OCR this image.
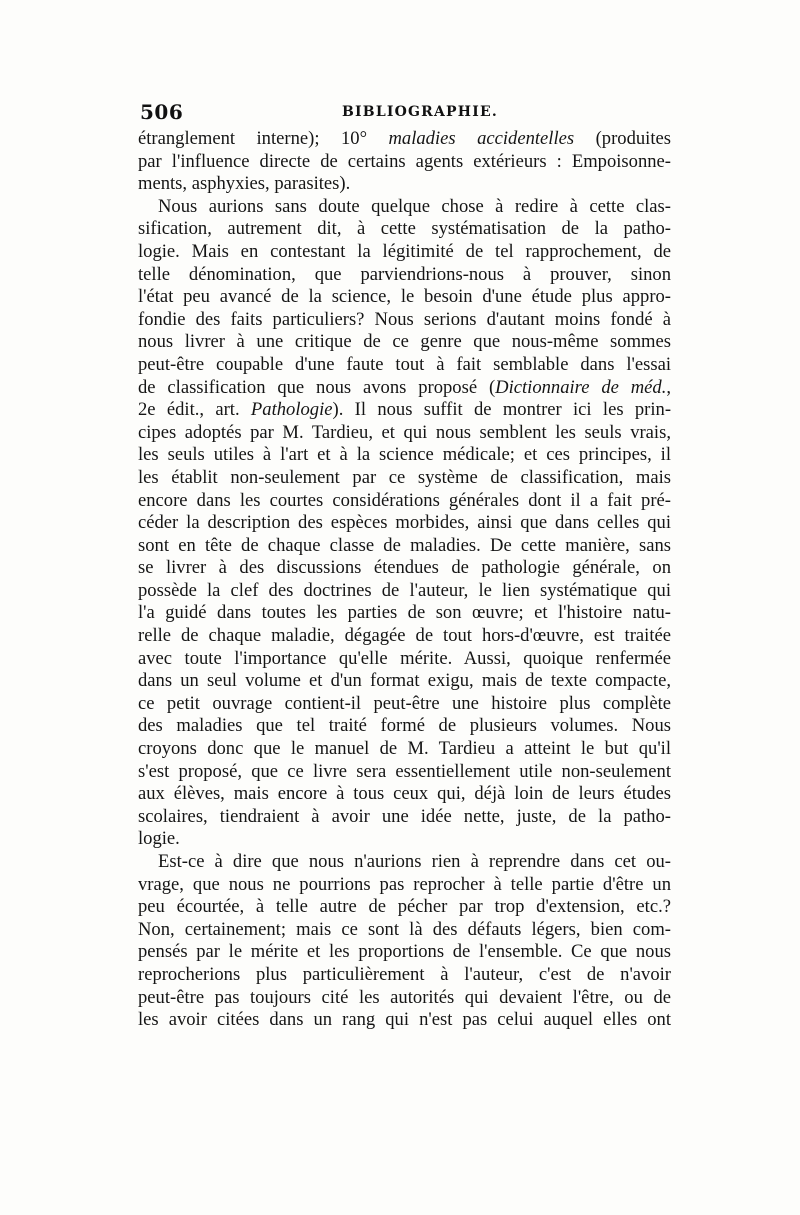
506	BIBLIOGRAPHIE.
étranglement interne); 10° maladies accidentelles (produites
par l'influence directe de certains agents extérieurs : Empoisonne-
ments, asphyxies, parasites).
Nous aurions sans doute quelque chose à redire à cette clas-
sification, autrement dit, à cette systématisation de la patho-
logie. Mais en contestant la légitimité de tel rapprochement, de
telle dénomination, que parviendrions-nous à prouver, sinon
l'état peu avancé de la science, le besoin d'une étude plus appro-
fondie des faits particuliers? Nous serions d'autant moins fondé à
nous livrer à une critique de ce genre que nous-même sommes
peut-être coupable d'une faute tout à fait semblable dans l'essai
de classification que nous avons proposé (Dictionnaire de méd.,
2e édit., art. Pathologie). Il nous suffit de montrer ici les prin-
cipes adoptés par M. Tardieu, et qui nous semblent les seuls vrais,
les seuls utiles à l'art et à la science médicale; et ces principes, il
les établit non-seulement par ce système de classification, mais
encore dans les courtes considérations générales dont il a fait pré-
céder la description des espèces morbides, ainsi que dans celles qui
sont en tête de chaque classe de maladies. De cette manière, sans
se livrer à des discussions étendues de pathologie générale, on
possède la clef des doctrines de l'auteur, le lien systématique qui
l'a guidé dans toutes les parties de son œuvre; et l'histoire natu-
relle de chaque maladie, dégagée de tout hors-d'œuvre, est traitée
avec toute l'importance qu'elle mérite. Aussi, quoique renfermée
dans un seul volume et d'un format exigu, mais de texte compacte,
ce petit ouvrage contient-il peut-être une histoire plus complète
des maladies que tel traité formé de plusieurs volumes. Nous
croyons donc que le manuel de M. Tardieu a atteint le but qu'il
s'est proposé, que ce livre sera essentiellement utile non-seulement
aux élèves, mais encore à tous ceux qui, déjà loin de leurs études
scolaires, tiendraient à avoir une idée nette, juste, de la patho-
logie.
Est-ce à dire que nous n'aurions rien à reprendre dans cet ou-
vrage, que nous ne pourrions pas reprocher à telle partie d'être un
peu écourtée, à telle autre de pécher par trop d'extension, etc.?
Non, certainement; mais ce sont là des défauts légers, bien com-
pensés par le mérite et les proportions de l'ensemble. Ce que nous
reprocherions plus particulièrement à l'auteur, c'est de n'avoir
peut-être pas toujours cité les autorités qui devaient l'être, ou de
les avoir citées dans un rang qui n'est pas celui auquel elles ont
